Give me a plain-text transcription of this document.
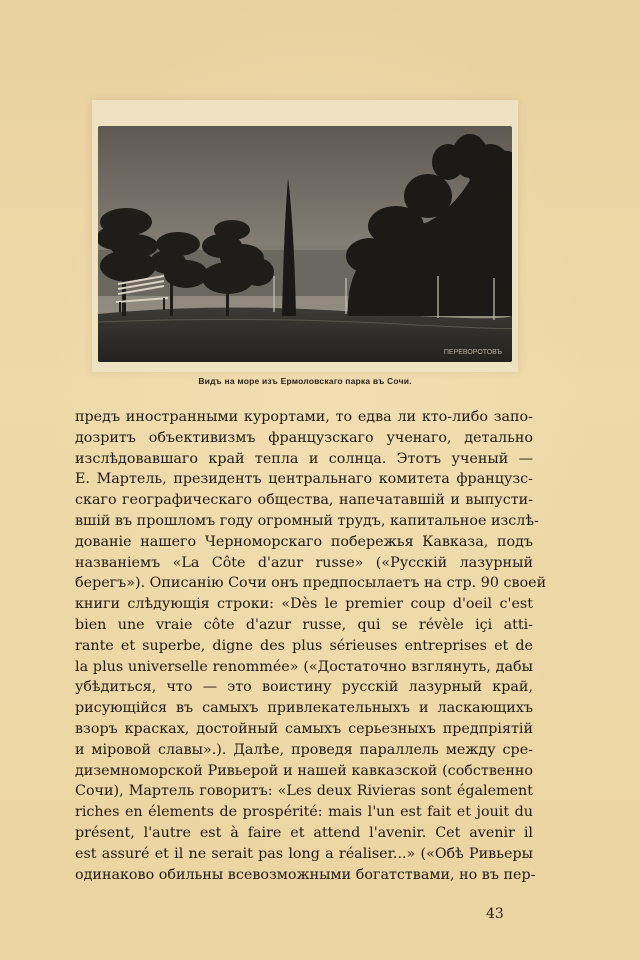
ПЕРЕВОРОТОВЪ
Видъ на море изъ Ермоловскаго парка въ Сочи.
предъ иностранными курортами, то едва ли кто-либо запо-
дозритъ объективизмъ французскаго ученаго, детально
изслѣдовавшаго край тепла и солнца. Этотъ ученый —
Е. Мартель, президентъ центральнаго комитета французс-
скаго географическаго общества, напечатавшій и выпусти-
вшій въ прошломъ году огромный трудъ, капитальное изслѣ-
дованіе нашего Черноморскаго побережья Кавказа, подъ
названіемъ «La Côte d'azur russe» («Русскій лазурный
берегъ»). Описанію Сочи онъ предпосылаетъ на стр. 90 своей
книги слѣдующія строки: «Dès le premier coup d'oeil c'est
bien une vraie côte d'azur russe, qui se révèle içi atti-
rante et superbe, digne des plus sérieuses entreprises et de
la plus universelle renommée» («Достаточно взглянуть, дабы
убѣдиться, что — это воистину русскій лазурный край,
рисующійся въ самыхъ привлекательныхъ и ласкающихъ
взоръ красках, достойный самыхъ серьезныхъ предпріятій
и міровой славы».). Далѣе, проведя параллель между сре-
диземноморской Ривьерой и нашей кавказской (собственно
Сочи), Мартель говоритъ: «Les deux Rivieras sont également
riches en élements de prospérité: mais l'un est fait et jouit du
présent, l'autre est à faire et attend l'avenir. Cet avenir il
est assuré et il ne serait pas long a réaliser...» («Обѣ Ривьеры
одинаково обильны всевозможными богатствами, но въ пер-
43
